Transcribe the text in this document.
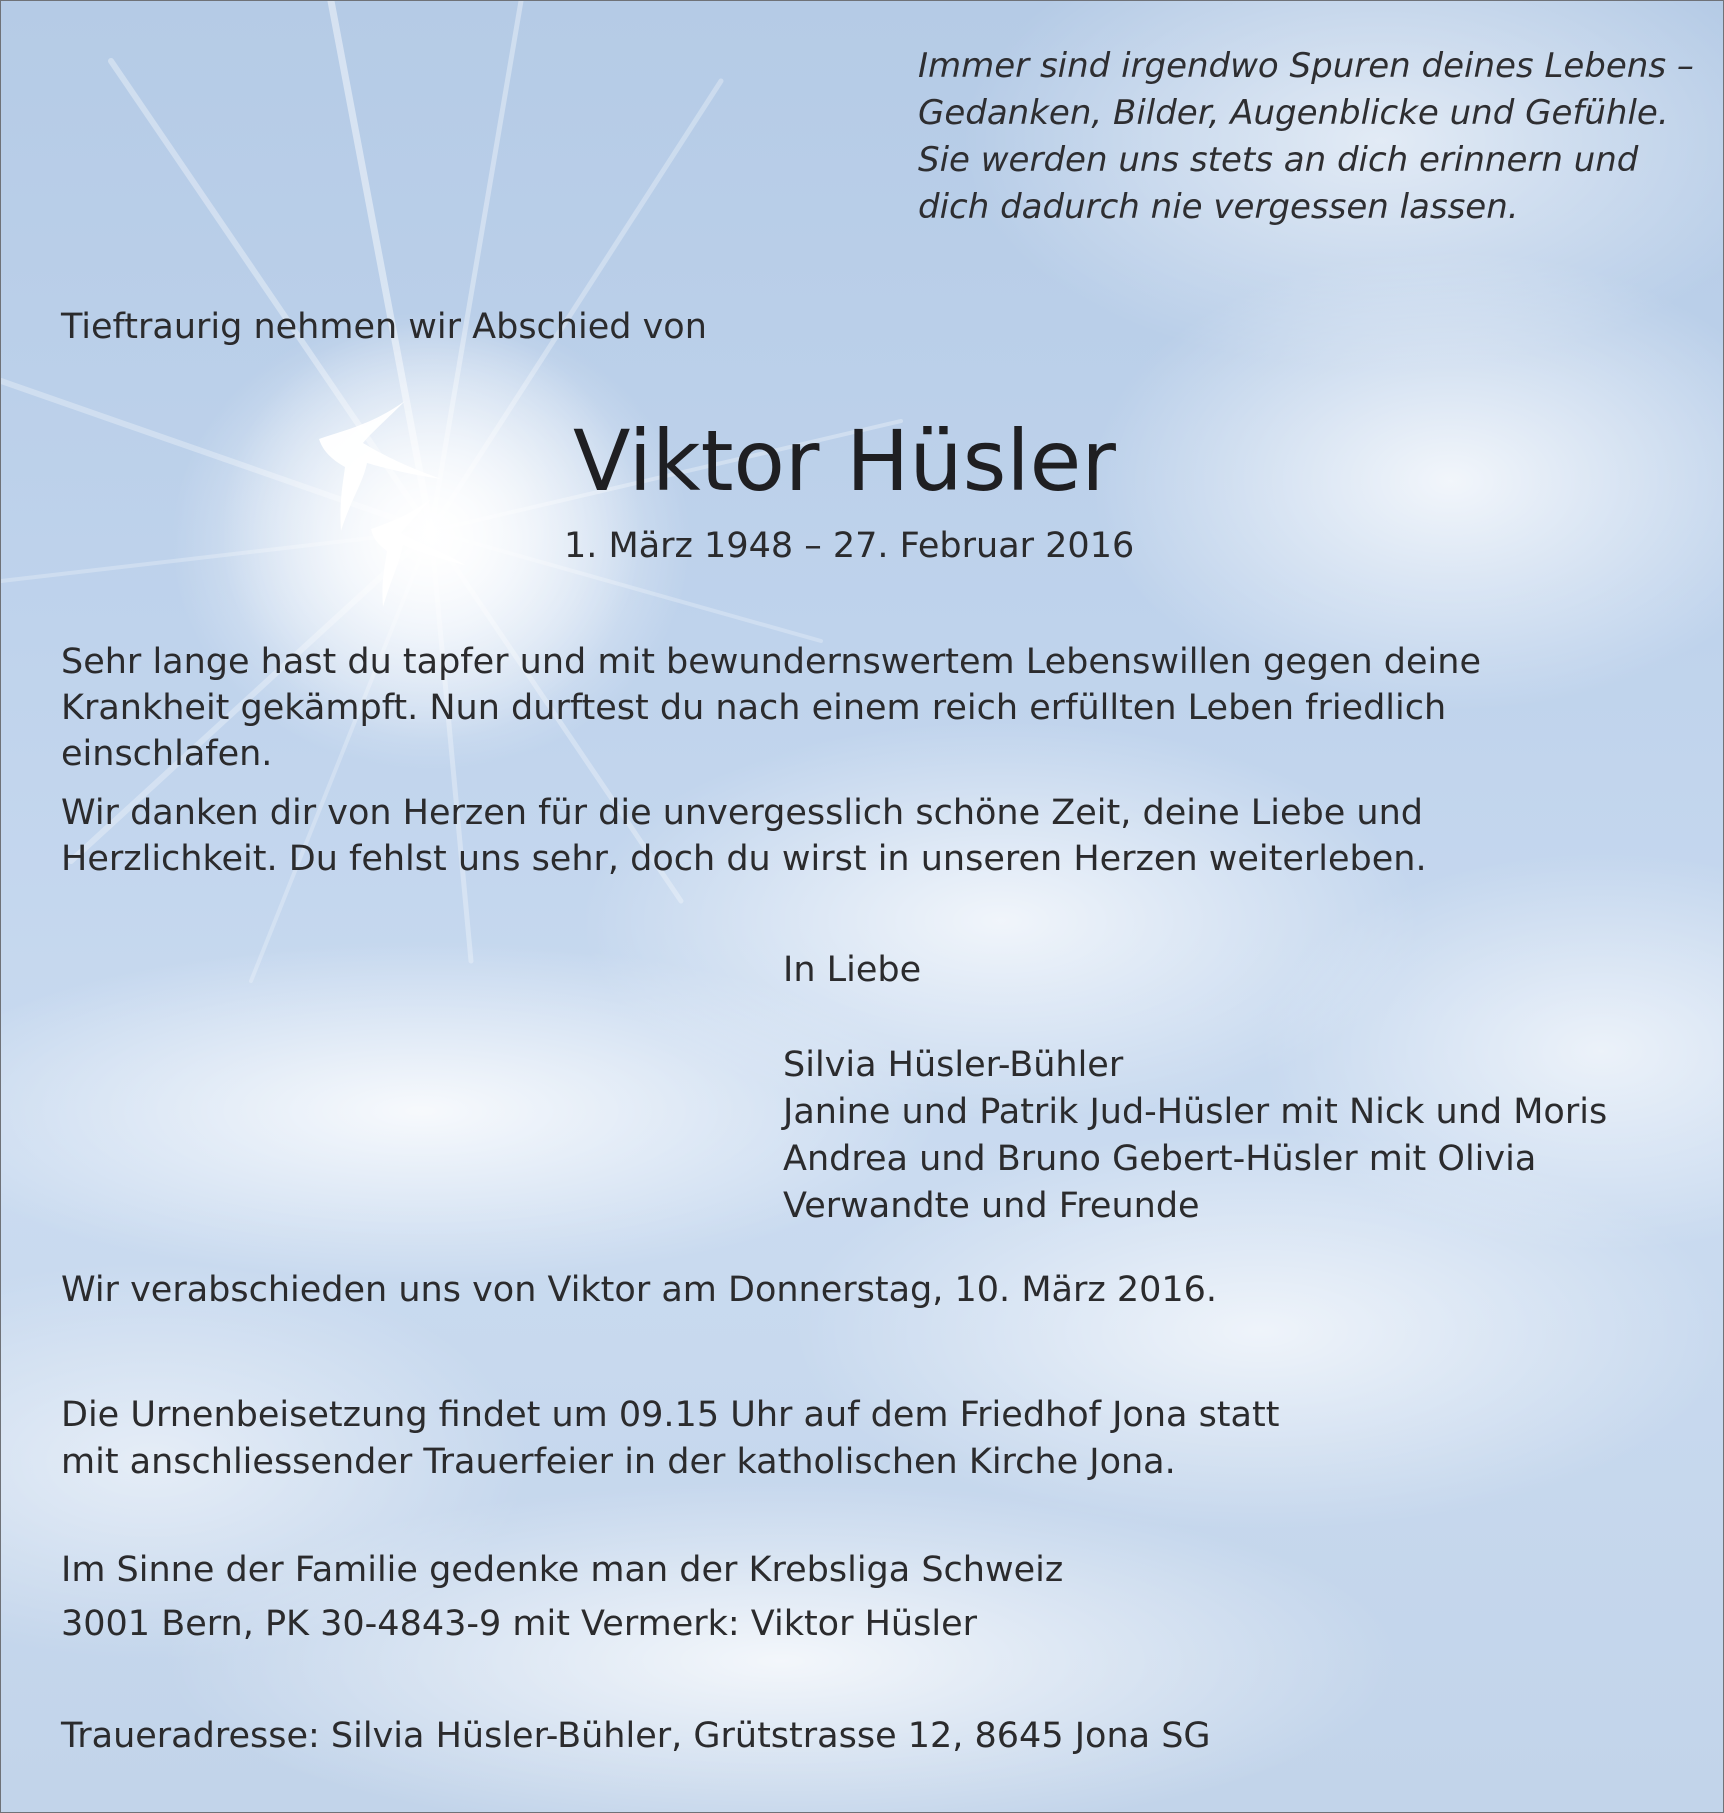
Immer sind irgendwo Spuren deines Lebens –
Gedanken, Bilder, Augenblicke und Gefühle.
Sie werden uns stets an dich erinnern und
dich dadurch nie vergessen lassen.
Tieftraurig nehmen wir Abschied von
Viktor Hüsler
1. März 1948 – 27. Februar 2016
Sehr lange hast du tapfer und mit bewundernswertem Lebenswillen gegen deine
Krankheit gekämpft. Nun durftest du nach einem reich erfüllten Leben friedlich
einschlafen.
Wir danken dir von Herzen für die unvergesslich schöne Zeit, deine Liebe und
Herzlichkeit. Du fehlst uns sehr, doch du wirst in unseren Herzen weiterleben.
In Liebe
Silvia Hüsler-Bühler
Janine und Patrik Jud-Hüsler mit Nick und Moris
Andrea und Bruno Gebert-Hüsler mit Olivia
Verwandte und Freunde
Wir verabschieden uns von Viktor am Donnerstag, 10. März 2016.
Die Urnenbeisetzung findet um 09.15 Uhr auf dem Friedhof Jona statt
mit anschliessender Trauerfeier in der katholischen Kirche Jona.
Im Sinne der Familie gedenke man der Krebsliga Schweiz
3001 Bern, PK 30-4843-9 mit Vermerk: Viktor Hüsler
Traueradresse: Silvia Hüsler-Bühler, Grütstrasse 12, 8645 Jona SG
